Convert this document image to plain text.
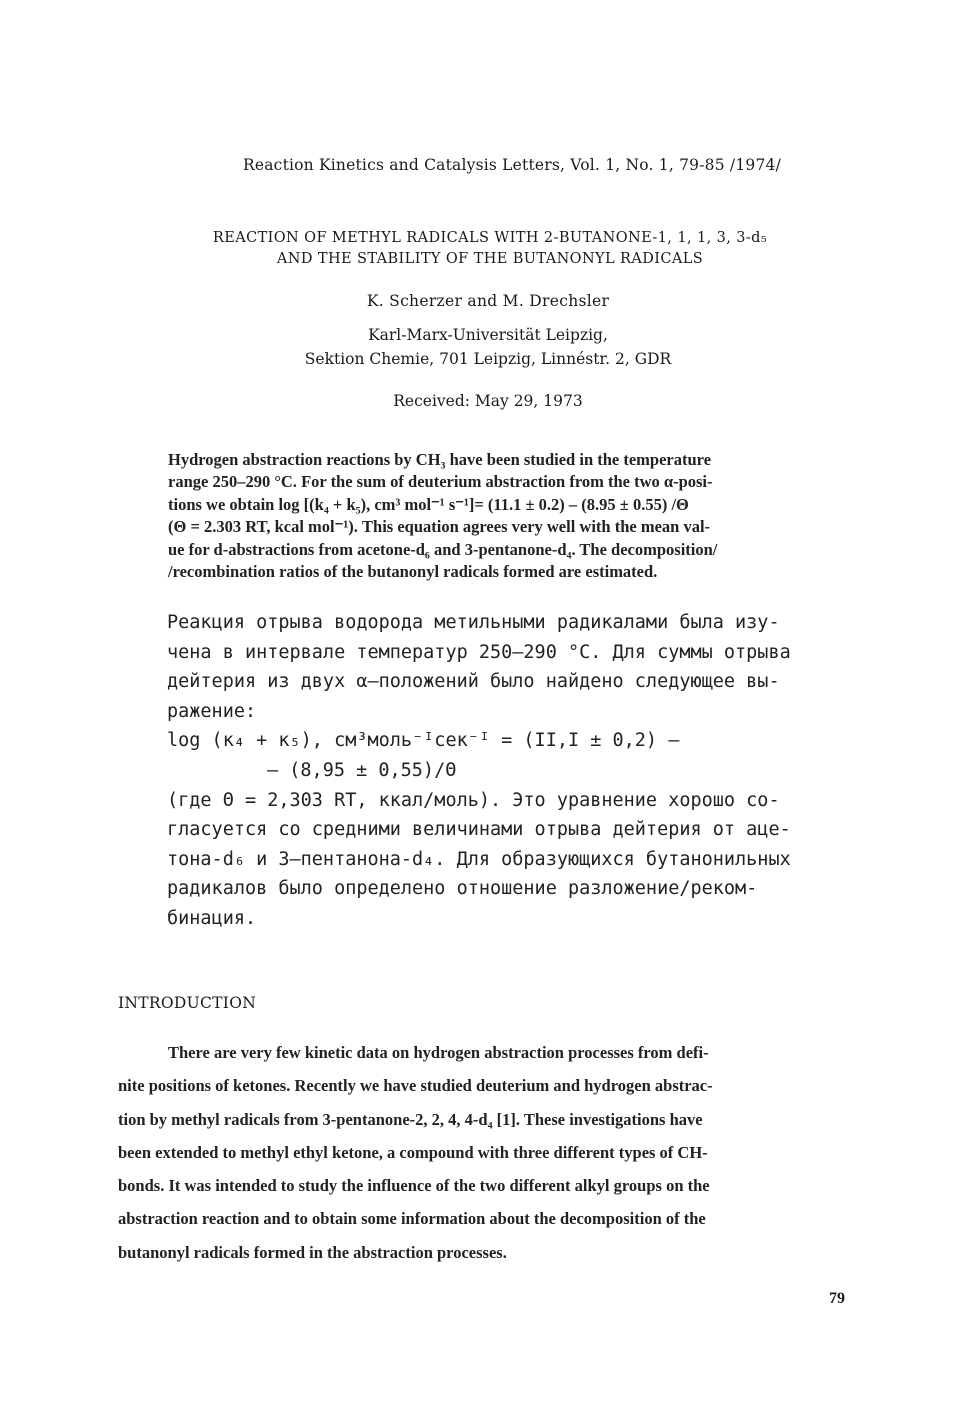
Reaction Kinetics and Catalysis Letters, Vol. 1, No. 1, 79-85 /1974/
REACTION OF METHYL RADICALS WITH 2-BUTANONE-1, 1, 1, 3, 3-d₅
AND THE STABILITY OF THE BUTANONYL RADICALS
K. Scherzer and M. Drechsler
Karl-Marx-Universität Leipzig,
Sektion Chemie, 701 Leipzig, Linnéstr. 2, GDR
Received: May 29, 1973
Hydrogen abstraction reactions by CH₃ have been studied in the temperature
range 250–290 °C. For the sum of deuterium abstraction from the two α-posi-
tions we obtain log [(k₄ + k₅), cm³ mol⁻¹ s⁻¹]= (11.1 ± 0.2) – (8.95 ± 0.55) /Θ
(Θ = 2.303 RT, kcal mol⁻¹). This equation agrees very well with the mean val-
ue for d-abstractions from acetone-d₆ and 3-pentanone-d₄. The decomposition/
/recombination ratios of the butanonyl radicals formed are estimated.
Реакция отрыва водорода метильными радикалами была изу-
чена в интервале температур 250–290 °C. Для суммы отрыва
дейтерия из двух α–положений было найдено следующее вы-
ражение:
log (к₄ + к₅), см³моль⁻ᴵсек⁻ᴵ = (II,I ± 0,2) –
– (8,95 ± 0,55)/Θ
(где Θ = 2,303 RT, ккал/моль). Это уравнение хорошо со-
гласуется со средними величинами отрыва дейтерия от аце-
тона-d₆ и 3–пентанона-d₄. Для образующихся бутанонильных
радикалов было определено отношение разложение/реком-
бинация.
INTRODUCTION
There are very few kinetic data on hydrogen abstraction processes from defi-
nite positions of ketones. Recently we have studied deuterium and hydrogen abstrac-
tion by methyl radicals from 3-pentanone-2, 2, 4, 4-d₄ [1]. These investigations have
been extended to methyl ethyl ketone, a compound with three different types of CH-
bonds. It was intended to study the influence of the two different alkyl groups on the
abstraction reaction and to obtain some information about the decomposition of the
butanonyl radicals formed in the abstraction processes.
79
